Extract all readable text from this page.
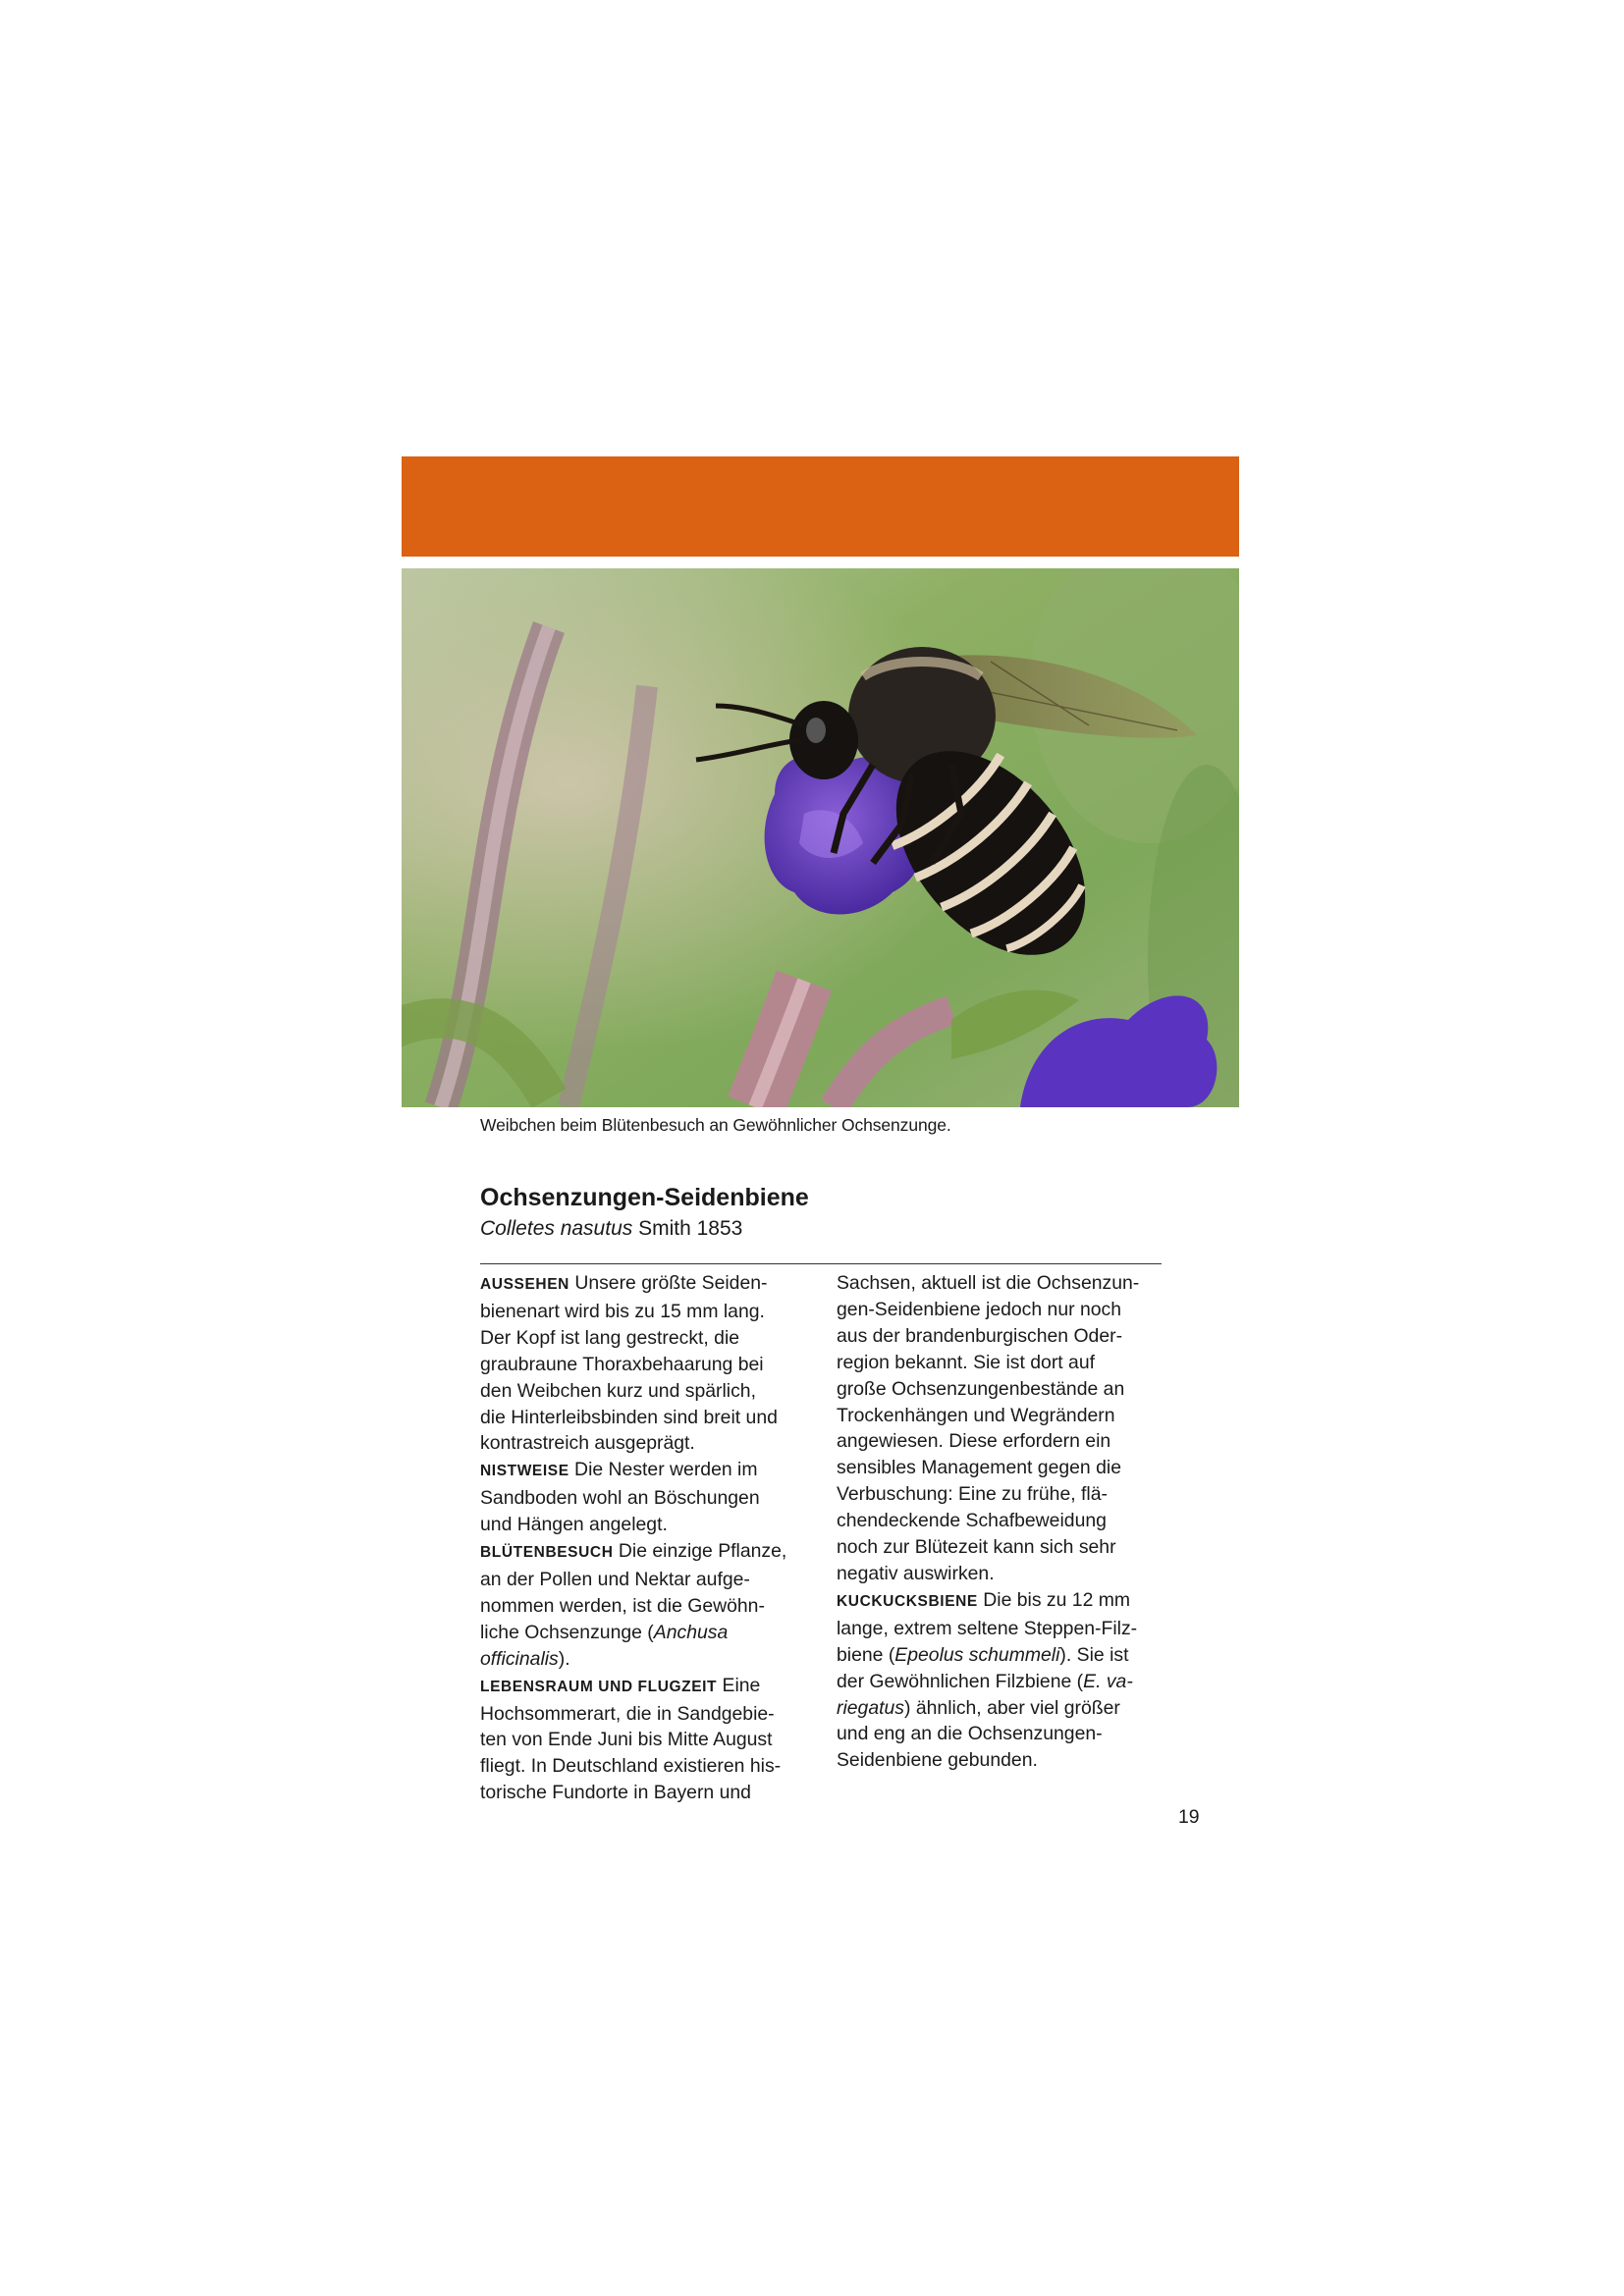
Weibchen beim Blütenbesuch an Gewöhnlicher Ochsenzunge.
Ochsenzungen-Seidenbiene
Colletes nasutus Smith 1853
AUSSEHEN Unsere größte Seiden-
bienenart wird bis zu 15 mm lang.
Der Kopf ist lang gestreckt, die
graubraune Thoraxbehaarung bei
den Weibchen kurz und spärlich,
die Hinterleibsbinden sind breit und
kontrastreich ausgeprägt.
NISTWEISE Die Nester werden im
Sandboden wohl an Böschungen
und Hängen angelegt.
BLÜTENBESUCH Die einzige Pflanze,
an der Pollen und Nektar aufge-
nommen werden, ist die Gewöhn-
liche Ochsenzunge (Anchusa
officinalis).
LEBENSRAUM UND FLUGZEIT Eine
Hochsommerart, die in Sandgebie-
ten von Ende Juni bis Mitte August
fliegt. In Deutschland existieren his-
torische Fundorte in Bayern und
Sachsen, aktuell ist die Ochsenzun-
gen-Seidenbiene jedoch nur noch
aus der brandenburgischen Oder-
region bekannt. Sie ist dort auf
große Ochsenzungenbestände an
Trockenhängen und Wegrändern
angewiesen. Diese erfordern ein
sensibles Management gegen die
Verbuschung: Eine zu frühe, flä-
chendeckende Schafbeweidung
noch zur Blütezeit kann sich sehr
negativ auswirken.
KUCKUCKSBIENE Die bis zu 12 mm
lange, extrem seltene Steppen-Filz-
biene (Epeolus schummeli). Sie ist
der Gewöhnlichen Filzbiene (E. va-
riegatus) ähnlich, aber viel größer
und eng an die Ochsenzungen-
Seidenbiene gebunden.
19
